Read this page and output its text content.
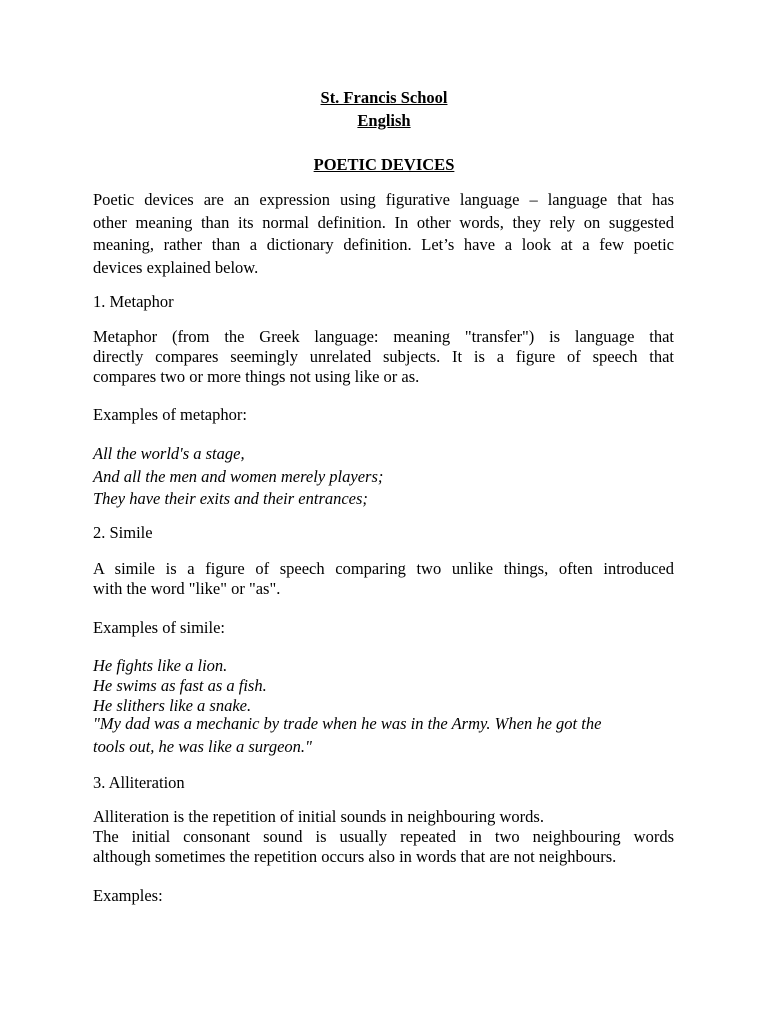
St. Francis School
English
POETIC DEVICES
Poetic devices are an expression using figurative language – language that has
other meaning than its normal definition. In other words, they rely on suggested
meaning, rather than a dictionary definition. Let’s have a look at a few poetic
devices explained below.
1. Metaphor
Metaphor (from the Greek language: meaning "transfer") is language that
directly compares seemingly unrelated subjects. It is a figure of speech that
compares two or more things not using like or as.
Examples of metaphor:
All the world's a stage,
And all the men and women merely players;
They have their exits and their entrances;
2. Simile
A simile is a figure of speech comparing two unlike things, often introduced
with the word "like" or "as".
Examples of simile:
He fights like a lion.
He swims as fast as a fish.
He slithers like a snake.
"My dad was a mechanic by trade when he was in the Army. When he got the
tools out, he was like a surgeon."
3. Alliteration
Alliteration is the repetition of initial sounds in neighbouring words.
The initial consonant sound is usually repeated in two neighbouring words
although sometimes the repetition occurs also in words that are not neighbours.
Examples:
